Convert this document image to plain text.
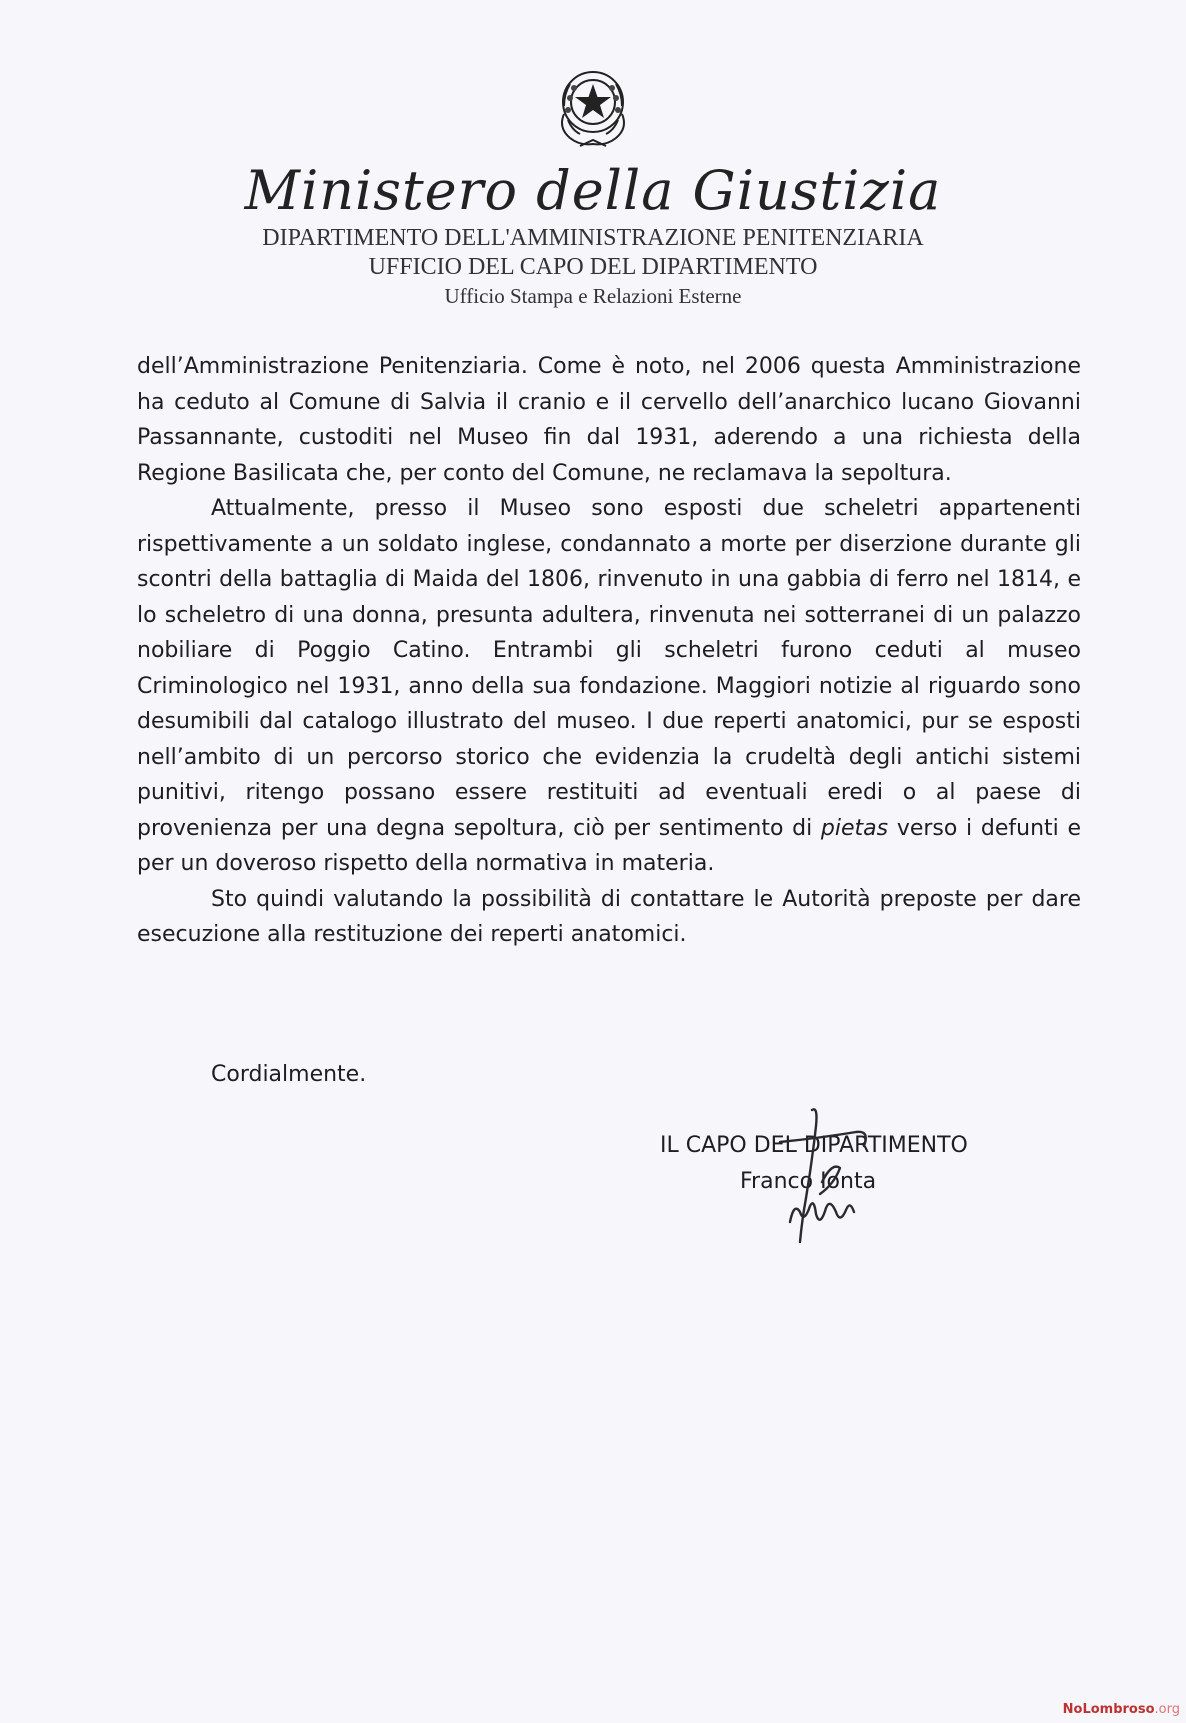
Ministero della Giustizia
DIPARTIMENTO DELL'AMMINISTRAZIONE PENITENZIARIA
UFFICIO DEL CAPO DEL DIPARTIMENTO
Ufficio Stampa e Relazioni Esterne

dell’Amministrazione Penitenziaria. Come è noto, nel 2006 questa Amministrazione ha ceduto al Comune di Salvia il cranio e il cervello dell’anarchico lucano Giovanni Passannante, custoditi nel Museo fin dal 1931, aderendo a una richiesta della Regione Basilicata che, per conto del Comune, ne reclamava la sepoltura.

Attualmente, presso il Museo sono esposti due scheletri appartenenti rispettivamente a un soldato inglese, condannato a morte per diserzione durante gli scontri della battaglia di Maida del 1806, rinvenuto in una gabbia di ferro nel 1814, e lo scheletro di una donna, presunta adultera, rinvenuta nei sotterranei di un palazzo nobiliare di Poggio Catino. Entrambi gli scheletri furono ceduti al museo Criminologico nel 1931, anno della sua fondazione. Maggiori notizie al riguardo sono desumibili dal catalogo illustrato del museo. I due reperti anatomici, pur se esposti nell’ambito di un percorso storico che evidenzia la crudeltà degli antichi sistemi punitivi, ritengo possano essere restituiti ad eventuali eredi o al paese di provenienza per una degna sepoltura, ciò per sentimento di pietas verso i defunti e per un doveroso rispetto della normativa in materia.

Sto quindi valutando la possibilità di contattare le Autorità preposte per dare esecuzione alla restituzione dei reperti anatomici.

Cordialmente.
IL CAPO DEL DIPARTIMENTO
Franco Ionta
NoLombroso.org
